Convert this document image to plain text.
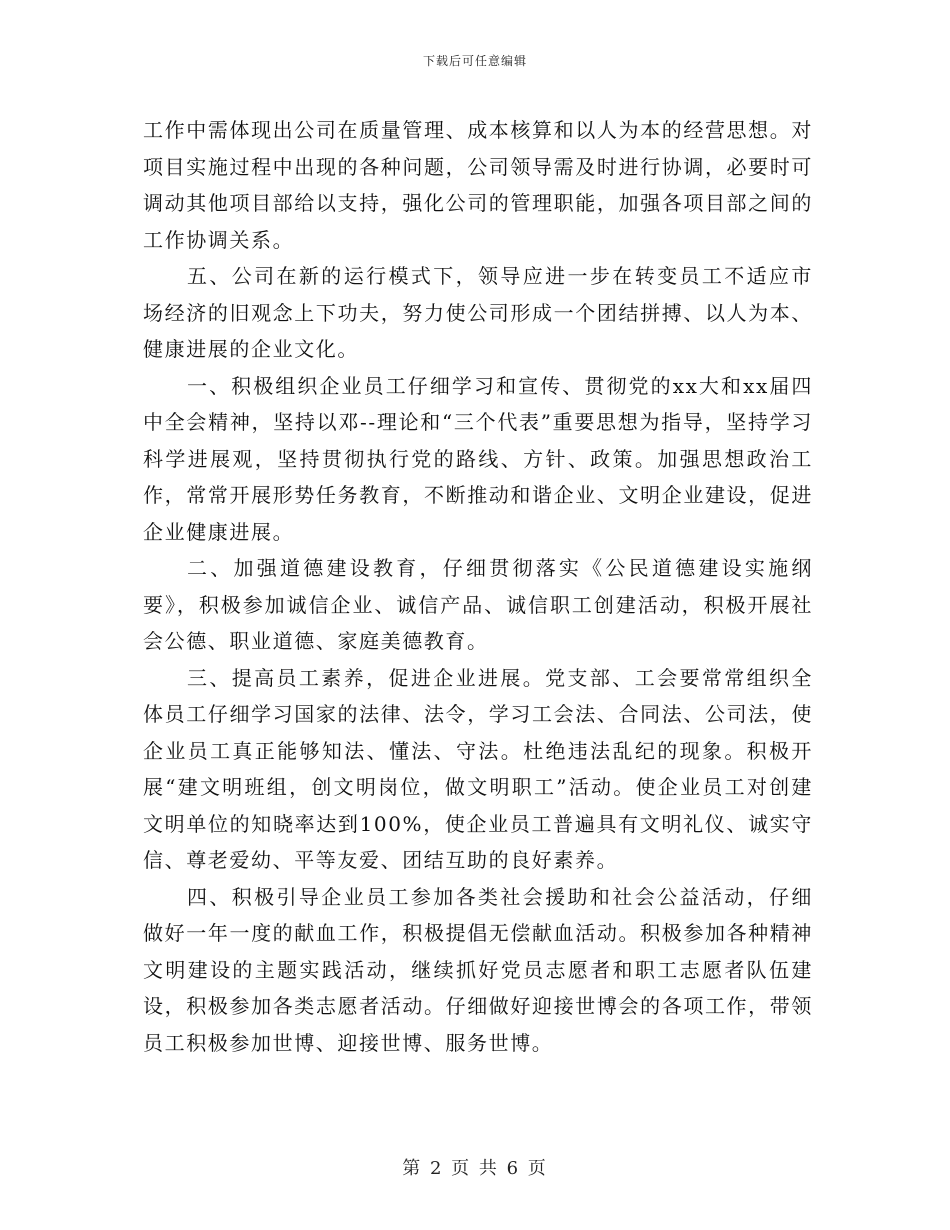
下载后可任意编辑

工作中需体现出公司在质量管理、成本核算和以人为本的经营思想。对项目实施过程中出现的各种问题，公司领导需及时进行协调，必要时可调动其他项目部给以支持，强化公司的管理职能，加强各项目部之间的工作协调关系。

五、公司在新的运行模式下，领导应进一步在转变员工不适应市场经济的旧观念上下功夫，努力使公司形成一个团结拼搏、以人为本、健康进展的企业文化。

一、积极组织企业员工仔细学习和宣传、贯彻党的xx大和xx届四中全会精神，坚持以邓--理论和“三个代表”重要思想为指导，坚持学习科学进展观，坚持贯彻执行党的路线、方针、政策。加强思想政治工作，常常开展形势任务教育，不断推动和谐企业、文明企业建设，促进企业健康进展。

二、加强道德建设教育，仔细贯彻落实《公民道德建设实施纲要》，积极参加诚信企业、诚信产品、诚信职工创建活动，积极开展社会公德、职业道德、家庭美德教育。

三、提高员工素养，促进企业进展。党支部、工会要常常组织全体员工仔细学习国家的法律、法令，学习工会法、合同法、公司法，使企业员工真正能够知法、懂法、守法。杜绝违法乱纪的现象。积极开展“建文明班组，创文明岗位，做文明职工”活动。使企业员工对创建文明单位的知晓率达到100%，使企业员工普遍具有文明礼仪、诚实守信、尊老爱幼、平等友爱、团结互助的良好素养。

四、积极引导企业员工参加各类社会援助和社会公益活动，仔细做好一年一度的献血工作，积极提倡无偿献血活动。积极参加各种精神文明建设的主题实践活动，继续抓好党员志愿者和职工志愿者队伍建设，积极参加各类志愿者活动。仔细做好迎接世博会的各项工作，带领员工积极参加世博、迎接世博、服务世博。

第 2 页 共 6 页
